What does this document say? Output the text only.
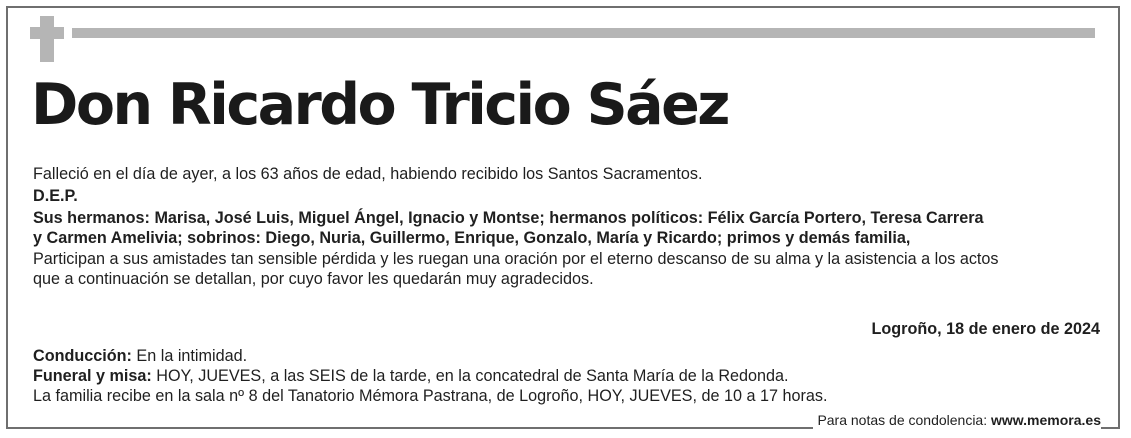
Don Ricardo Tricio Sáez

Falleció en el día de ayer, a los 63 años de edad, habiendo recibido los Santos Sacramentos.

D.E.P.

Sus hermanos: Marisa, José Luis, Miguel Ángel, Ignacio y Montse; hermanos políticos: Félix García Portero, Teresa Carrera

y Carmen Amelivia; sobrinos: Diego, Nuria, Guillermo, Enrique, Gonzalo, María y Ricardo; primos y demás familia,

Participan a sus amistades tan sensible pérdida y les ruegan una oración por el eterno descanso de su alma y la asistencia a los actos

que a continuación se detallan, por cuyo favor les quedarán muy agradecidos.

Logroño, 18 de enero de 2024

Conducción: En la intimidad.

Funeral y misa: HOY, JUEVES, a las SEIS de la tarde, en la concatedral de Santa María de la Redonda.

La familia recibe en la sala nº 8 del Tanatorio Mémora Pastrana, de Logroño, HOY, JUEVES, de 10 a 17 horas.

Para notas de condolencia: www.memora.es
